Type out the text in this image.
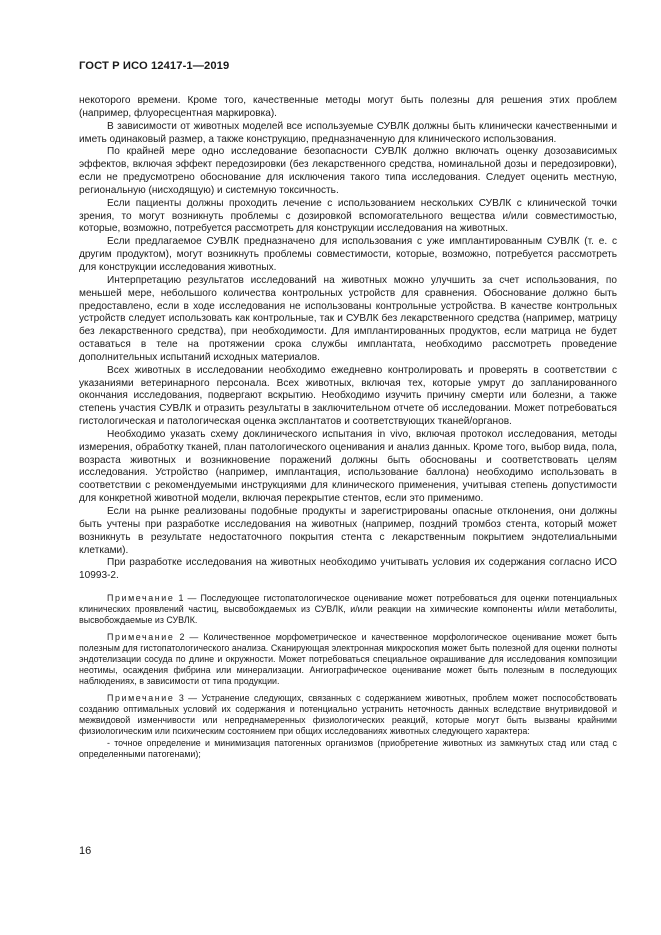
ГОСТ Р ИСО 12417-1—2019

некоторого времени. Кроме того, качественные методы могут быть полезны для решения этих проблем (например, флуоресцентная маркировка).

В зависимости от животных моделей все используемые СУВЛК должны быть клинически качественными и иметь одинаковый размер, а также конструкцию, предназначенную для клинического использования.

По крайней мере одно исследование безопасности СУВЛК должно включать оценку дозозависимых эффектов, включая эффект передозировки (без лекарственного средства, номинальной дозы и передозировки), если не предусмотрено обоснование для исключения такого типа исследования. Следует оценить местную, региональную (нисходящую) и системную токсичность.

Если пациенты должны проходить лечение с использованием нескольких СУВЛК с клинической точки зрения, то могут возникнуть проблемы с дозировкой вспомогательного вещества и/или совместимостью, которые, возможно, потребуется рассмотреть для конструкции исследования на животных.

Если предлагаемое СУВЛК предназначено для использования с уже имплантированным СУВЛК (т. е. с другим продуктом), могут возникнуть проблемы совместимости, которые, возможно, потребуется рассмотреть для конструкции исследования животных.

Интерпретацию результатов исследований на животных можно улучшить за счет использования, по меньшей мере, небольшого количества контрольных устройств для сравнения. Обоснование должно быть предоставлено, если в ходе исследования не использованы контрольные устройства. В качестве контрольных устройств следует использовать как контрольные, так и СУВЛК без лекарственного средства (например, матрицу без лекарственного средства), при необходимости. Для имплантированных продуктов, если матрица не будет оставаться в теле на протяжении срока службы имплантата, необходимо рассмотреть проведение дополнительных испытаний исходных материалов.

Всех животных в исследовании необходимо ежедневно контролировать и проверять в соответствии с указаниями ветеринарного персонала. Всех животных, включая тех, которые умрут до запланированного окончания исследования, подвергают вскрытию. Необходимо изучить причину смерти или болезни, а также степень участия СУВЛК и отразить результаты в заключительном отчете об исследовании. Может потребоваться гистологическая и патологическая оценка эксплантатов и соответствующих тканей/органов.

Необходимо указать схему доклинического испытания in vivo, включая протокол исследования, методы измерения, обработку тканей, план патологического оценивания и анализ данных. Кроме того, выбор вида, пола, возраста животных и возникновение поражений должны быть обоснованы и соответствовать целям исследования. Устройство (например, имплантация, использование баллона) необходимо использовать в соответствии с рекомендуемыми инструкциями для клинического применения, учитывая степень допустимости для конкретной животной модели, включая перекрытие стентов, если это применимо.

Если на рынке реализованы подобные продукты и зарегистрированы опасные отклонения, они должны быть учтены при разработке исследования на животных (например, поздний тромбоз стента, который может возникнуть в результате недостаточного покрытия стента с лекарственным покрытием эндотелиальными клетками).

При разработке исследования на животных необходимо учитывать условия их содержания согласно ИСО 10993-2.

Примечание 1 — Последующее гистопатологическое оценивание может потребоваться для оценки потенциальных клинических проявлений частиц, высвобождаемых из СУВЛК, и/или реакции на химические компоненты и/или метаболиты, высвобождаемые из СУВЛК.

Примечание 2 — Количественное морфометрическое и качественное морфологическое оценивание может быть полезным для гистопатологического анализа. Сканирующая электронная микроскопия может быть полезной для оценки полноты эндотелизации сосуда по длине и окружности. Может потребоваться специальное окрашивание для исследования композиции неотимы, осаждения фибрина или минерализации. Ангиографическое оценивание может быть полезным в последующих наблюдениях, в зависимости от типа продукции.

Примечание 3 — Устранение следующих, связанных с содержанием животных, проблем может поспособствовать созданию оптимальных условий их содержания и потенциально устранить неточность данных вследствие внутривидовой и межвидовой изменчивости или непреднамеренных физиологических реакций, которые могут быть вызваны крайними физиологическим или психическим состоянием при общих исследованиях животных следующего характера:

- точное определение и минимизация патогенных организмов (приобретение животных из замкнутых стад или стад с определенными патогенами);

16
